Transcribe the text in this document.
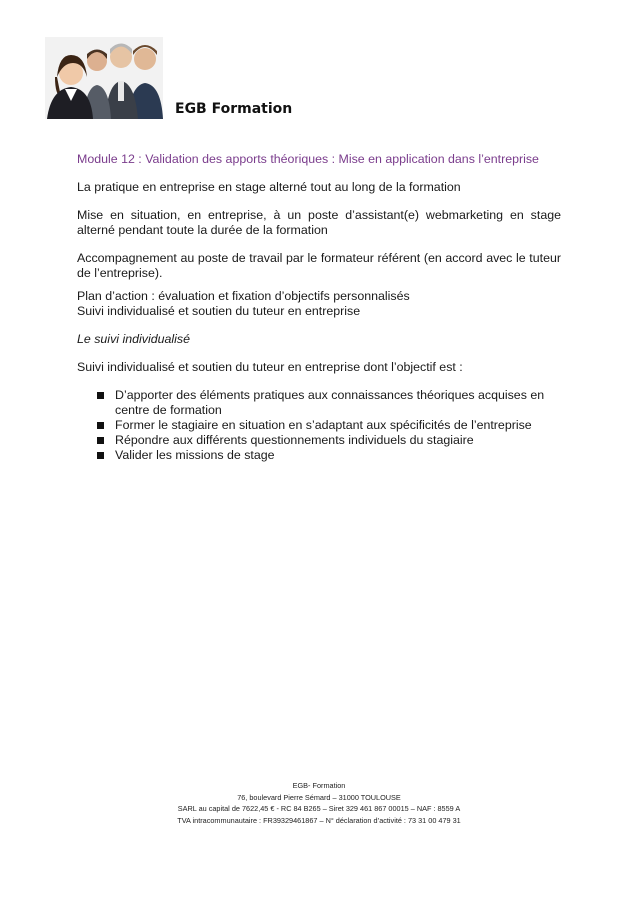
EGB Formation

Module 12 : Validation des apports théoriques : Mise en application dans l’entreprise

La pratique en entreprise en stage alterné tout au long de la formation

Mise en situation, en entreprise, à un poste d’assistant(e) webmarketing en stage alterné pendant toute la durée de la formation

Accompagnement au poste de travail par le formateur référent (en accord avec le tuteur de l’entreprise).

Plan d’action : évaluation et fixation d’objectifs personnalisés

Suivi individualisé et soutien du tuteur en entreprise

Le suivi individualisé

Suivi individualisé et soutien du tuteur en entreprise dont l’objectif est :

D’apporter des éléments pratiques aux connaissances théoriques acquises en centre de formation
Former le stagiaire en situation en s’adaptant aux spécificités de l’entreprise
Répondre aux différents questionnements individuels du stagiaire
Valider les missions de stage
EGB- Formation
76, boulevard Pierre Sémard – 31000 TOULOUSE
SARL au capital de 7622,45 € - RC 84 B265 – Siret 329 461 867 00015 – NAF : 8559 A
TVA intracommunautaire : FR39329461867 – N° déclaration d’activité : 73 31 00 479 31
